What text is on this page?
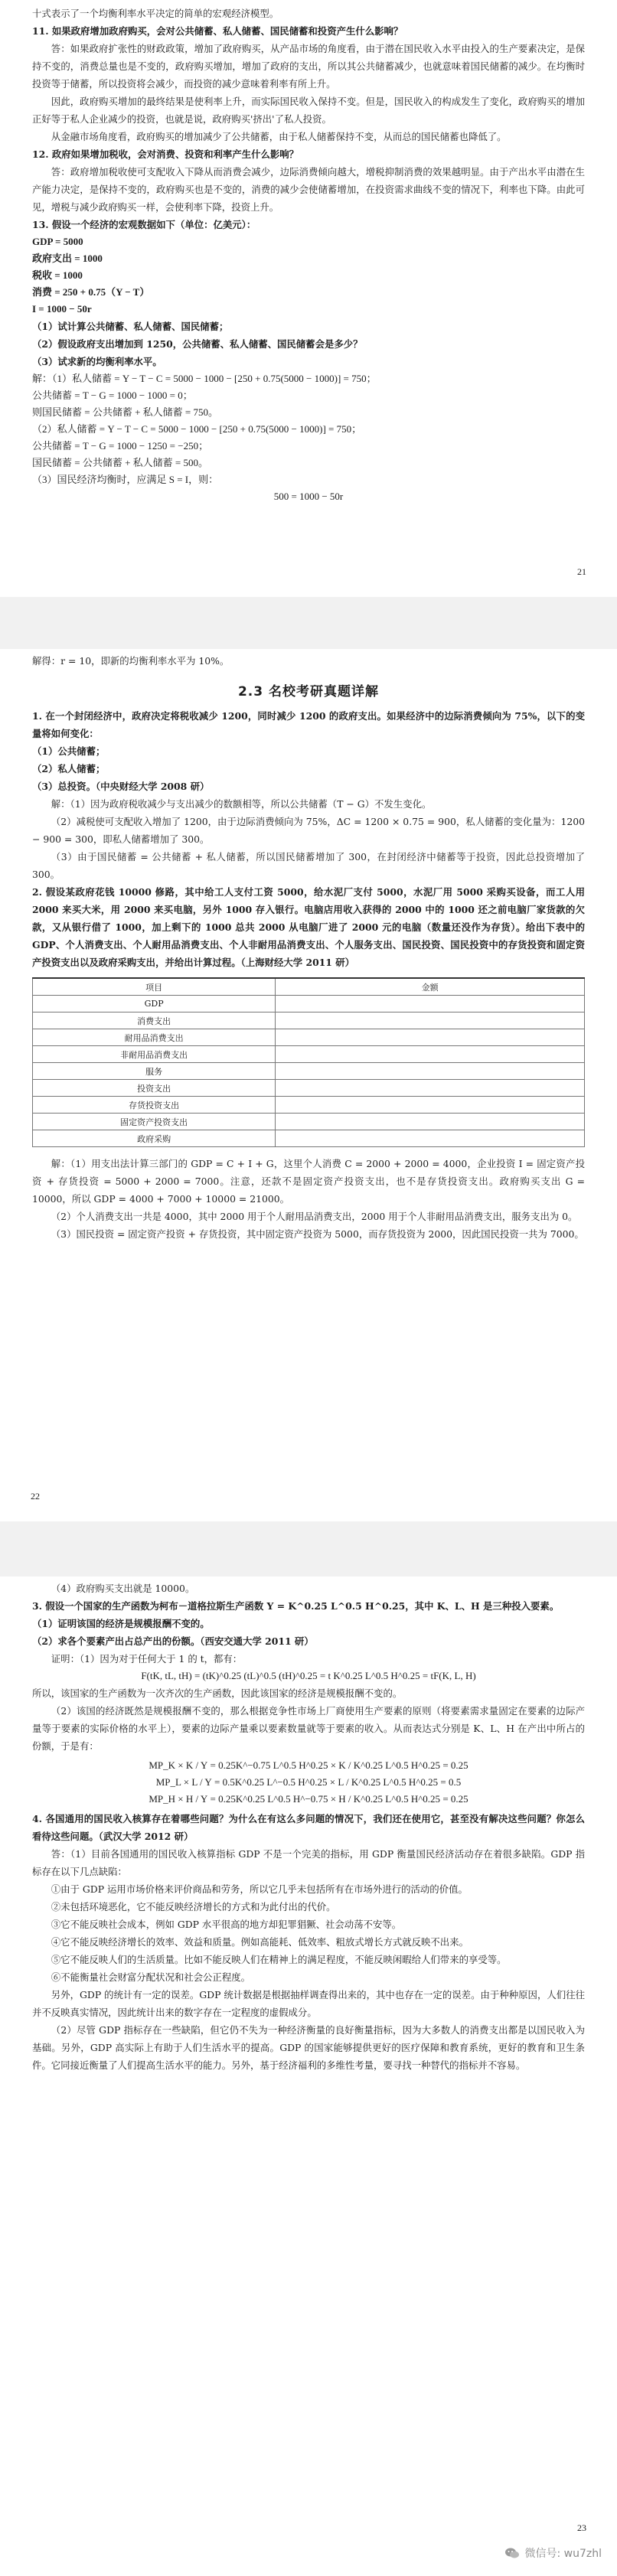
十式表示了一个均衡利率水平决定的简单的宏观经济模型。

11. 如果政府增加政府购买，会对公共储蓄、私人储蓄、国民储蓄和投资产生什么影响？

答：如果政府扩张性的财政政策，增加了政府购买，从产品市场的角度看，由于潜在国民收入水平由投入的生产要素决定，是保持不变的，消费总量也是不变的，政府购买增加，增加了政府的支出，所以其公共储蓄减少，也就意味着国民储蓄的减少。在均衡时投资等于储蓄，所以投资将会减少，而投资的减少意味着利率有所上升。

因此，政府购买增加的最终结果是使利率上升，而实际国民收入保持不变。但是，国民收入的构成发生了变化，政府购买的增加正好等于私人企业减少的投资，也就是说，政府购买'挤出'了私人投资。

从金融市场角度看，政府购买的增加减少了公共储蓄，由于私人储蓄保持不变，从而总的国民储蓄也降低了。

12. 政府如果增加税收，会对消费、投资和利率产生什么影响？

答：政府增加税收使可支配收入下降从而消费会减少，边际消费倾向越大，增税抑制消费的效果越明显。由于产出水平由潜在生产能力决定，是保持不变的，政府购买也是不变的，消费的减少会使储蓄增加，在投资需求曲线不变的情况下，利率也下降。由此可见，增税与减少政府购买一样，会使利率下降，投资上升。

13. 假设一个经济的宏观数据如下（单位：亿美元）：

GDP = 5000

政府支出 = 1000

税收 = 1000

消费 = 250 + 0.75（Y − T）

I = 1000 − 50r

（1）试计算公共储蓄、私人储蓄、国民储蓄；

（2）假设政府支出增加到 1250，公共储蓄、私人储蓄、国民储蓄会是多少？

（3）试求新的均衡利率水平。

解：（1）私人储蓄 = Y − T − C = 5000 − 1000 − [250 + 0.75(5000 − 1000)] = 750；

公共储蓄 = T − G = 1000 − 1000 = 0；

则国民储蓄 = 公共储蓄 + 私人储蓄 = 750。

（2）私人储蓄 = Y − T − C = 5000 − 1000 − [250 + 0.75(5000 − 1000)] = 750；

公共储蓄 = T − G = 1000 − 1250 = −250；

国民储蓄 = 公共储蓄 + 私人储蓄 = 500。

（3）国民经济均衡时，应满足 S = I，则：

500 = 1000 − 50r

21

解得：r = 10，即新的均衡利率水平为 10%。

2.3 名校考研真题详解

1. 在一个封闭经济中，政府决定将税收减少 1200，同时减少 1200 的政府支出。如果经济中的边际消费倾向为 75%，以下的变量将如何变化：

（1）公共储蓄；

（2）私人储蓄；

（3）总投资。（中央财经大学 2008 研）

解：（1）因为政府税收减少与支出减少的数额相等，所以公共储蓄（T − G）不发生变化。

（2）减税使可支配收入增加了 1200，由于边际消费倾向为 75%，ΔC = 1200 × 0.75 = 900，私人储蓄的变化量为：1200 − 900 = 300，即私人储蓄增加了 300。

（3）由于国民储蓄 = 公共储蓄 + 私人储蓄，所以国民储蓄增加了 300，在封闭经济中储蓄等于投资，因此总投资增加了 300。

2. 假设某政府花钱 10000 修路，其中给工人支付工资 5000，给水泥厂支付 5000，水泥厂用 5000 采购买设备，而工人用 2000 来买大米，用 2000 来买电脑，另外 1000 存入银行。电脑店用收入获得的 2000 中的 1000 还之前电脑厂家货款的欠款，又从银行借了 1000，加上剩下的 1000 总共 2000 从电脑厂进了 2000 元的电脑（数量还没作为存货）。给出下表中的 GDP、个人消费支出、个人耐用品消费支出、个人非耐用品消费支出、个人服务支出、国民投资、国民投资中的存货投资和固定资产投资支出以及政府采购支出，并给出计算过程。（上海财经大学 2011 研）

项目	金额
GDP	
消费支出	
耐用品消费支出	
非耐用品消费支出	
服务	
投资支出	
存货投资支出	
固定资产投资支出	
政府采购	

解：（1）用支出法计算三部门的 GDP = C + I + G，这里个人消费 C = 2000 + 2000 = 4000，企业投资 I = 固定资产投资 + 存货投资 = 5000 + 2000 = 7000。注意，还款不是固定资产投资支出，也不是存货投资支出。政府购买支出 G = 10000，所以 GDP = 4000 + 7000 + 10000 = 21000。

（2）个人消费支出一共是 4000，其中 2000 用于个人耐用品消费支出，2000 用于个人非耐用品消费支出，服务支出为 0。

（3）国民投资 = 固定资产投资 + 存货投资，其中固定资产投资为 5000，而存货投资为 2000，因此国民投资一共为 7000。

22

（4）政府购买支出就是 10000。

3. 假设一个国家的生产函数为柯布－道格拉斯生产函数 Y = K^0.25 L^0.5 H^0.25，其中 K、L、H 是三种投入要素。

（1）证明该国的经济是规模报酬不变的。

（2）求各个要素产出占总产出的份额。（西安交通大学 2011 研）

证明：（1）因为对于任何大于 1 的 t，都有：

F(tK, tL, tH) = (tK)^0.25 (tL)^0.5 (tH)^0.25 = t K^0.25 L^0.5 H^0.25 = tF(K, L, H)

所以，该国家的生产函数为一次齐次的生产函数，因此该国家的经济是规模报酬不变的。

（2）该国的经济既然是规模报酬不变的，那么根据竞争性市场上厂商使用生产要素的原则（将要素需求量固定在要素的边际产量等于要素的实际价格的水平上），要素的边际产量乘以要素数量就等于要素的收入。从而表达式分别是 K、L、H 在产出中所占的份额，于是有：

MP_K × K / Y = 0.25K^−0.75 L^0.5 H^0.25 × K / K^0.25 L^0.5 H^0.25
= 0.25
MP_L × L / Y = 0.5K^0.25 L^−0.5 H^0.25 × L / K^0.25 L^0.5 H^0.25
= 0.5
MP_H × H / Y = 0.25K^0.25 L^0.5 H^−0.75 × H / K^0.25 L^0.5 H^0.25
= 0.25

4. 各国通用的国民收入核算存在着哪些问题？为什么在有这么多问题的情况下，我们还在使用它，甚至没有解决这些问题？你怎么看待这些问题。（武汉大学 2012 研）

答：（1）目前各国通用的国民收入核算指标 GDP 不是一个完美的指标，用 GDP 衡量国民经济活动存在着很多缺陷。GDP 指标存在以下几点缺陷：

①由于 GDP 运用市场价格来评价商品和劳务，所以它几乎未包括所有在市场外进行的活动的价值。

②未包括环境恶化，它不能反映经济增长的方式和为此付出的代价。

③它不能反映社会成本，例如 GDP 水平很高的地方却犯罪猖獗、社会动荡不安等。

④它不能反映经济增长的效率、效益和质量。例如高能耗、低效率、粗放式增长方式就反映不出来。

⑤它不能反映人们的生活质量。比如不能反映人们在精神上的满足程度，不能反映闲暇给人们带来的享受等。

⑥不能衡量社会财富分配状况和社会公正程度。

另外，GDP 的统计有一定的误差。GDP 统计数据是根据抽样调查得出来的，其中也存在一定的误差。由于种种原因，人们往往并不反映真实情况，因此统计出来的数字存在一定程度的虚假成分。

（2）尽管 GDP 指标存在一些缺陷，但它仍不失为一种经济衡量的良好衡量指标，因为大多数人的消费支出都是以国民收入为基础。另外，GDP 高实际上有助于人们生活水平的提高。GDP 的国家能够提供更好的医疗保障和教育系统，更好的教育和卫生条件。它同接近衡量了人们提高生活水平的能力。另外，基于经济福利的多维性考量，要寻找一种替代的指标并不容易。

23
微信号: wu7zhl
